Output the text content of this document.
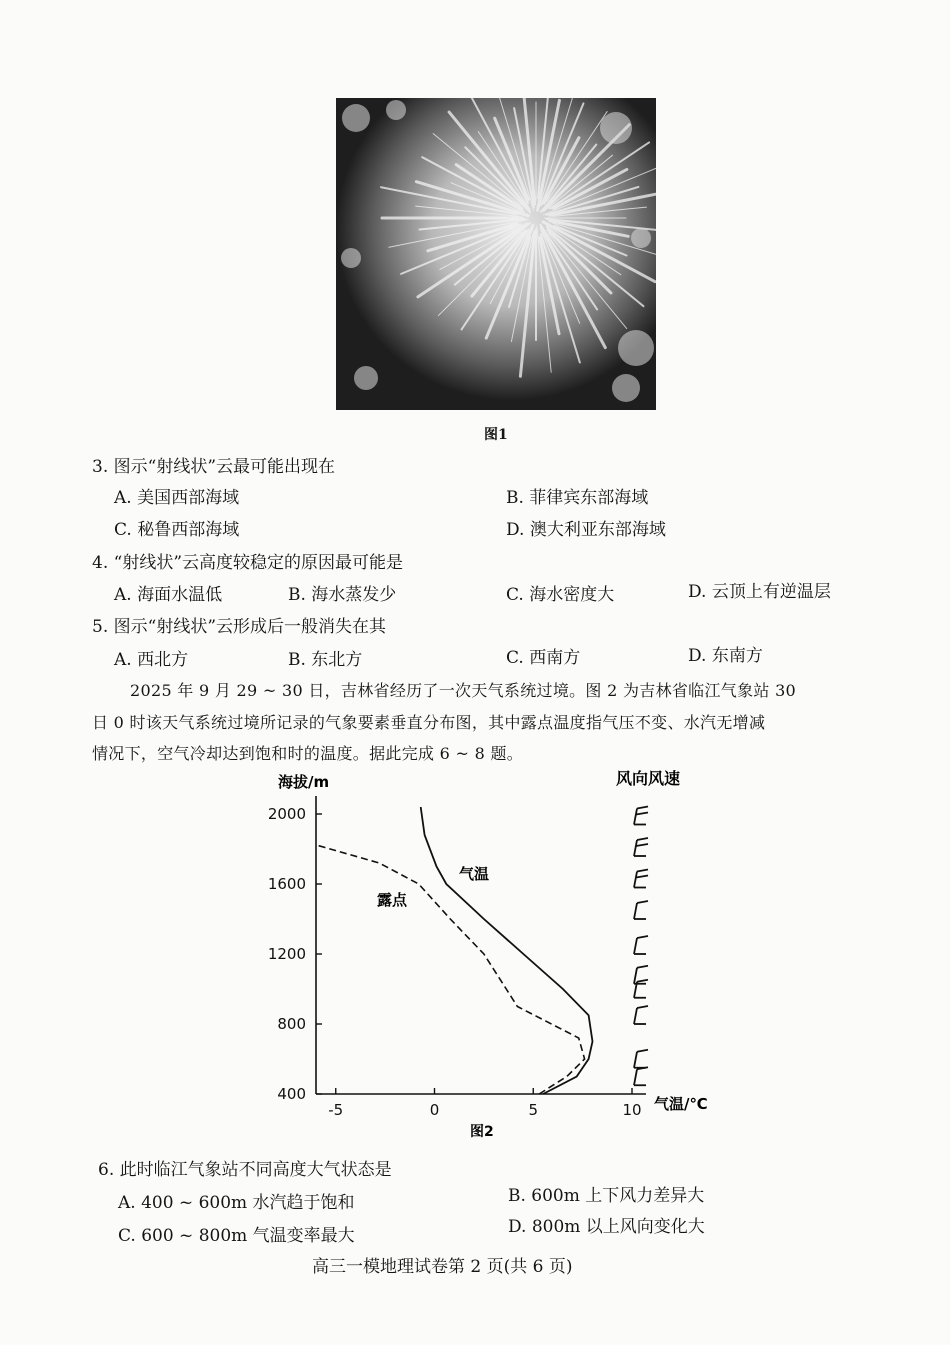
图1
3. 图示“射线状”云最可能出现在
A. 美国西部海域	B. 菲律宾东部海域
C. 秘鲁西部海域	D. 澳大利亚东部海域
4. “射线状”云高度较稳定的原因最可能是
A. 海面水温低	B. 海水蒸发少	C. 海水密度大	D. 云顶上有逆温层
5. 图示“射线状”云形成后一般消失在其
A. 西北方	B. 东北方	C. 西南方	D. 东南方
2025 年 9 月 29 ~ 30 日，吉林省经历了一次天气系统过境。图 2 为吉林省临江气象站 30
日 0 时该天气系统过境所记录的气象要素垂直分布图，其中露点温度指气压不变、水汽无增减
情况下，空气冷却达到饱和时的温度。据此完成 6 ~ 8 题。
400
800
1200
1600
2000
-5	0	5	10
海拔/m	风向风速
气温/℃
气温
露点
图2
6. 此时临江气象站不同高度大气状态是
A. 400 ~ 600m 水汽趋于饱和	B. 600m 上下风力差异大
C. 600 ~ 800m 气温变率最大	D. 800m 以上风向变化大
高三一模地理试卷第 2 页(共 6 页)
